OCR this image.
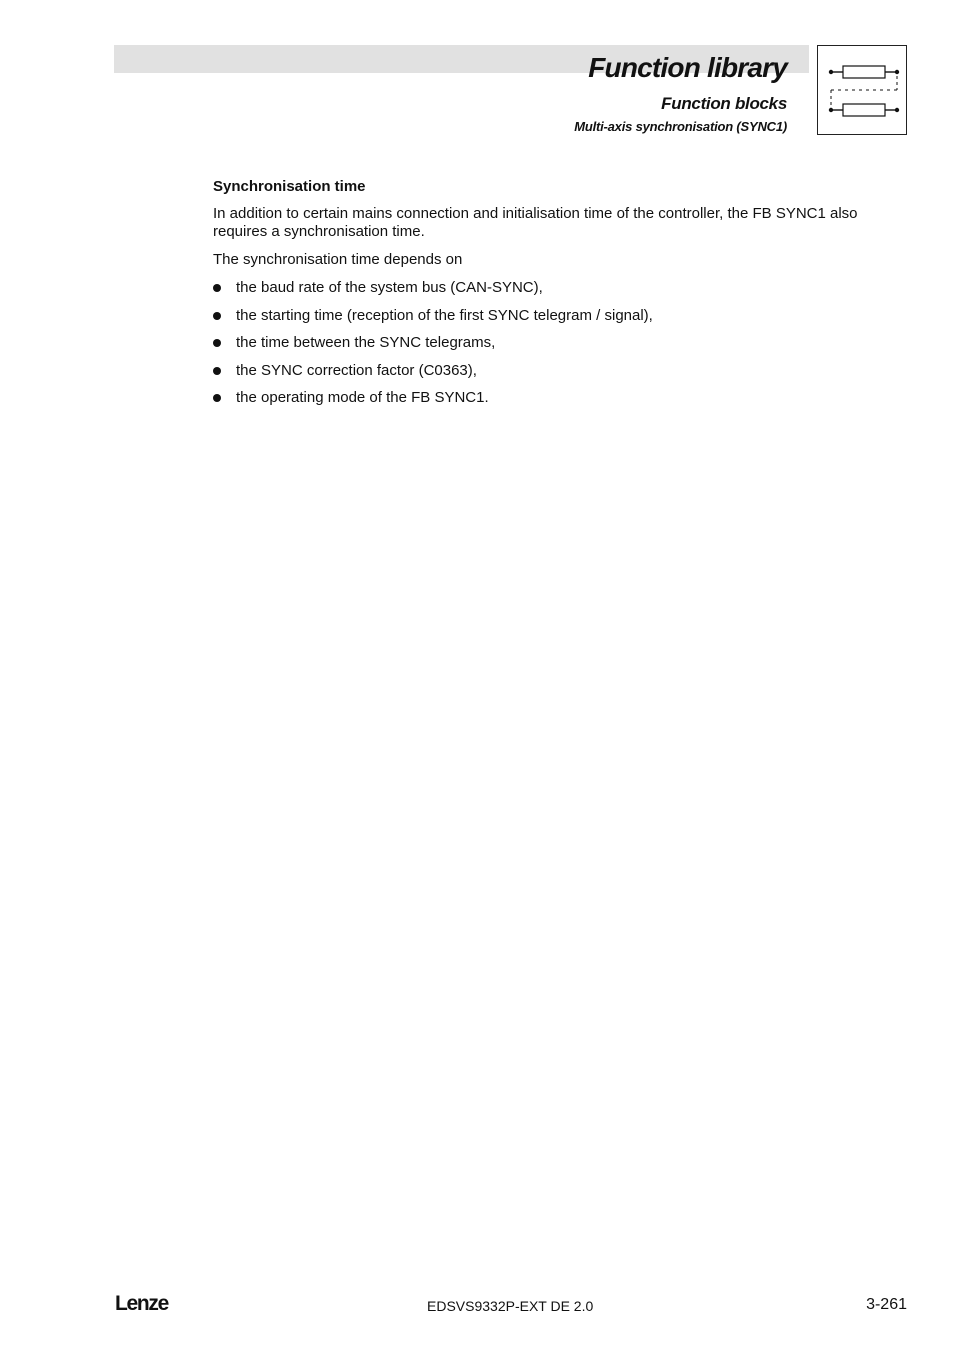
Function library
Function blocks
Multi-axis synchronisation (SYNC1)
Synchronisation time

In addition to certain mains connection and initialisation time of the controller, the FB SYNC1 also requires a synchronisation time.

The synchronisation time depends on

the baud rate of the system bus (CAN-SYNC),
the starting time (reception of the first SYNC telegram / signal),
the time between the SYNC telegrams,
the SYNC correction factor (C0363),
the operating mode of the FB SYNC1.
Lenze	EDSVS9332P-EXT DE 2.0	3-261
